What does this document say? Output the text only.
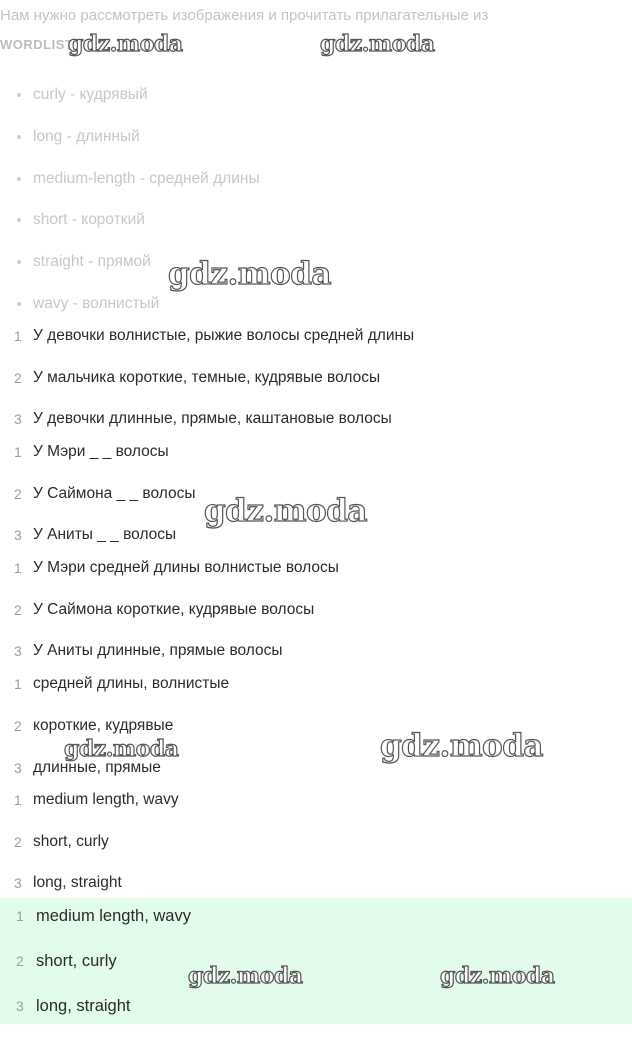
Нам нужно рассмотреть изображения и прочитать прилагательные из
WORDLIST
curly - кудрявый
long - длинный
medium-length - средней длины
short - короткий
straight - прямой
wavy - волнистый
1 У девочки волнистые, рыжие волосы средней длины
2 У мальчика короткие, темные, кудрявые волосы
3 У девочки длинные, прямые, каштановые волосы
1 У Мэри _ _ волосы
2 У Саймона _ _ волосы
3 У Аниты _ _ волосы
1 У Мэри средней длины волнистые волосы
2 У Саймона короткие, кудрявые волосы
3 У Аниты длинные, прямые волосы
1 средней длины, волнистые
2 короткие, кудрявые
3 длинные, прямые
1 medium length, wavy
2 short, curly
3 long, straight
1 medium length, wavy
2 short, curly
3 long, straight
gdz.moda	gdz.moda
gdz.moda
gdz.moda
gdz.moda	gdz.moda
gdz.moda	gdz.moda
